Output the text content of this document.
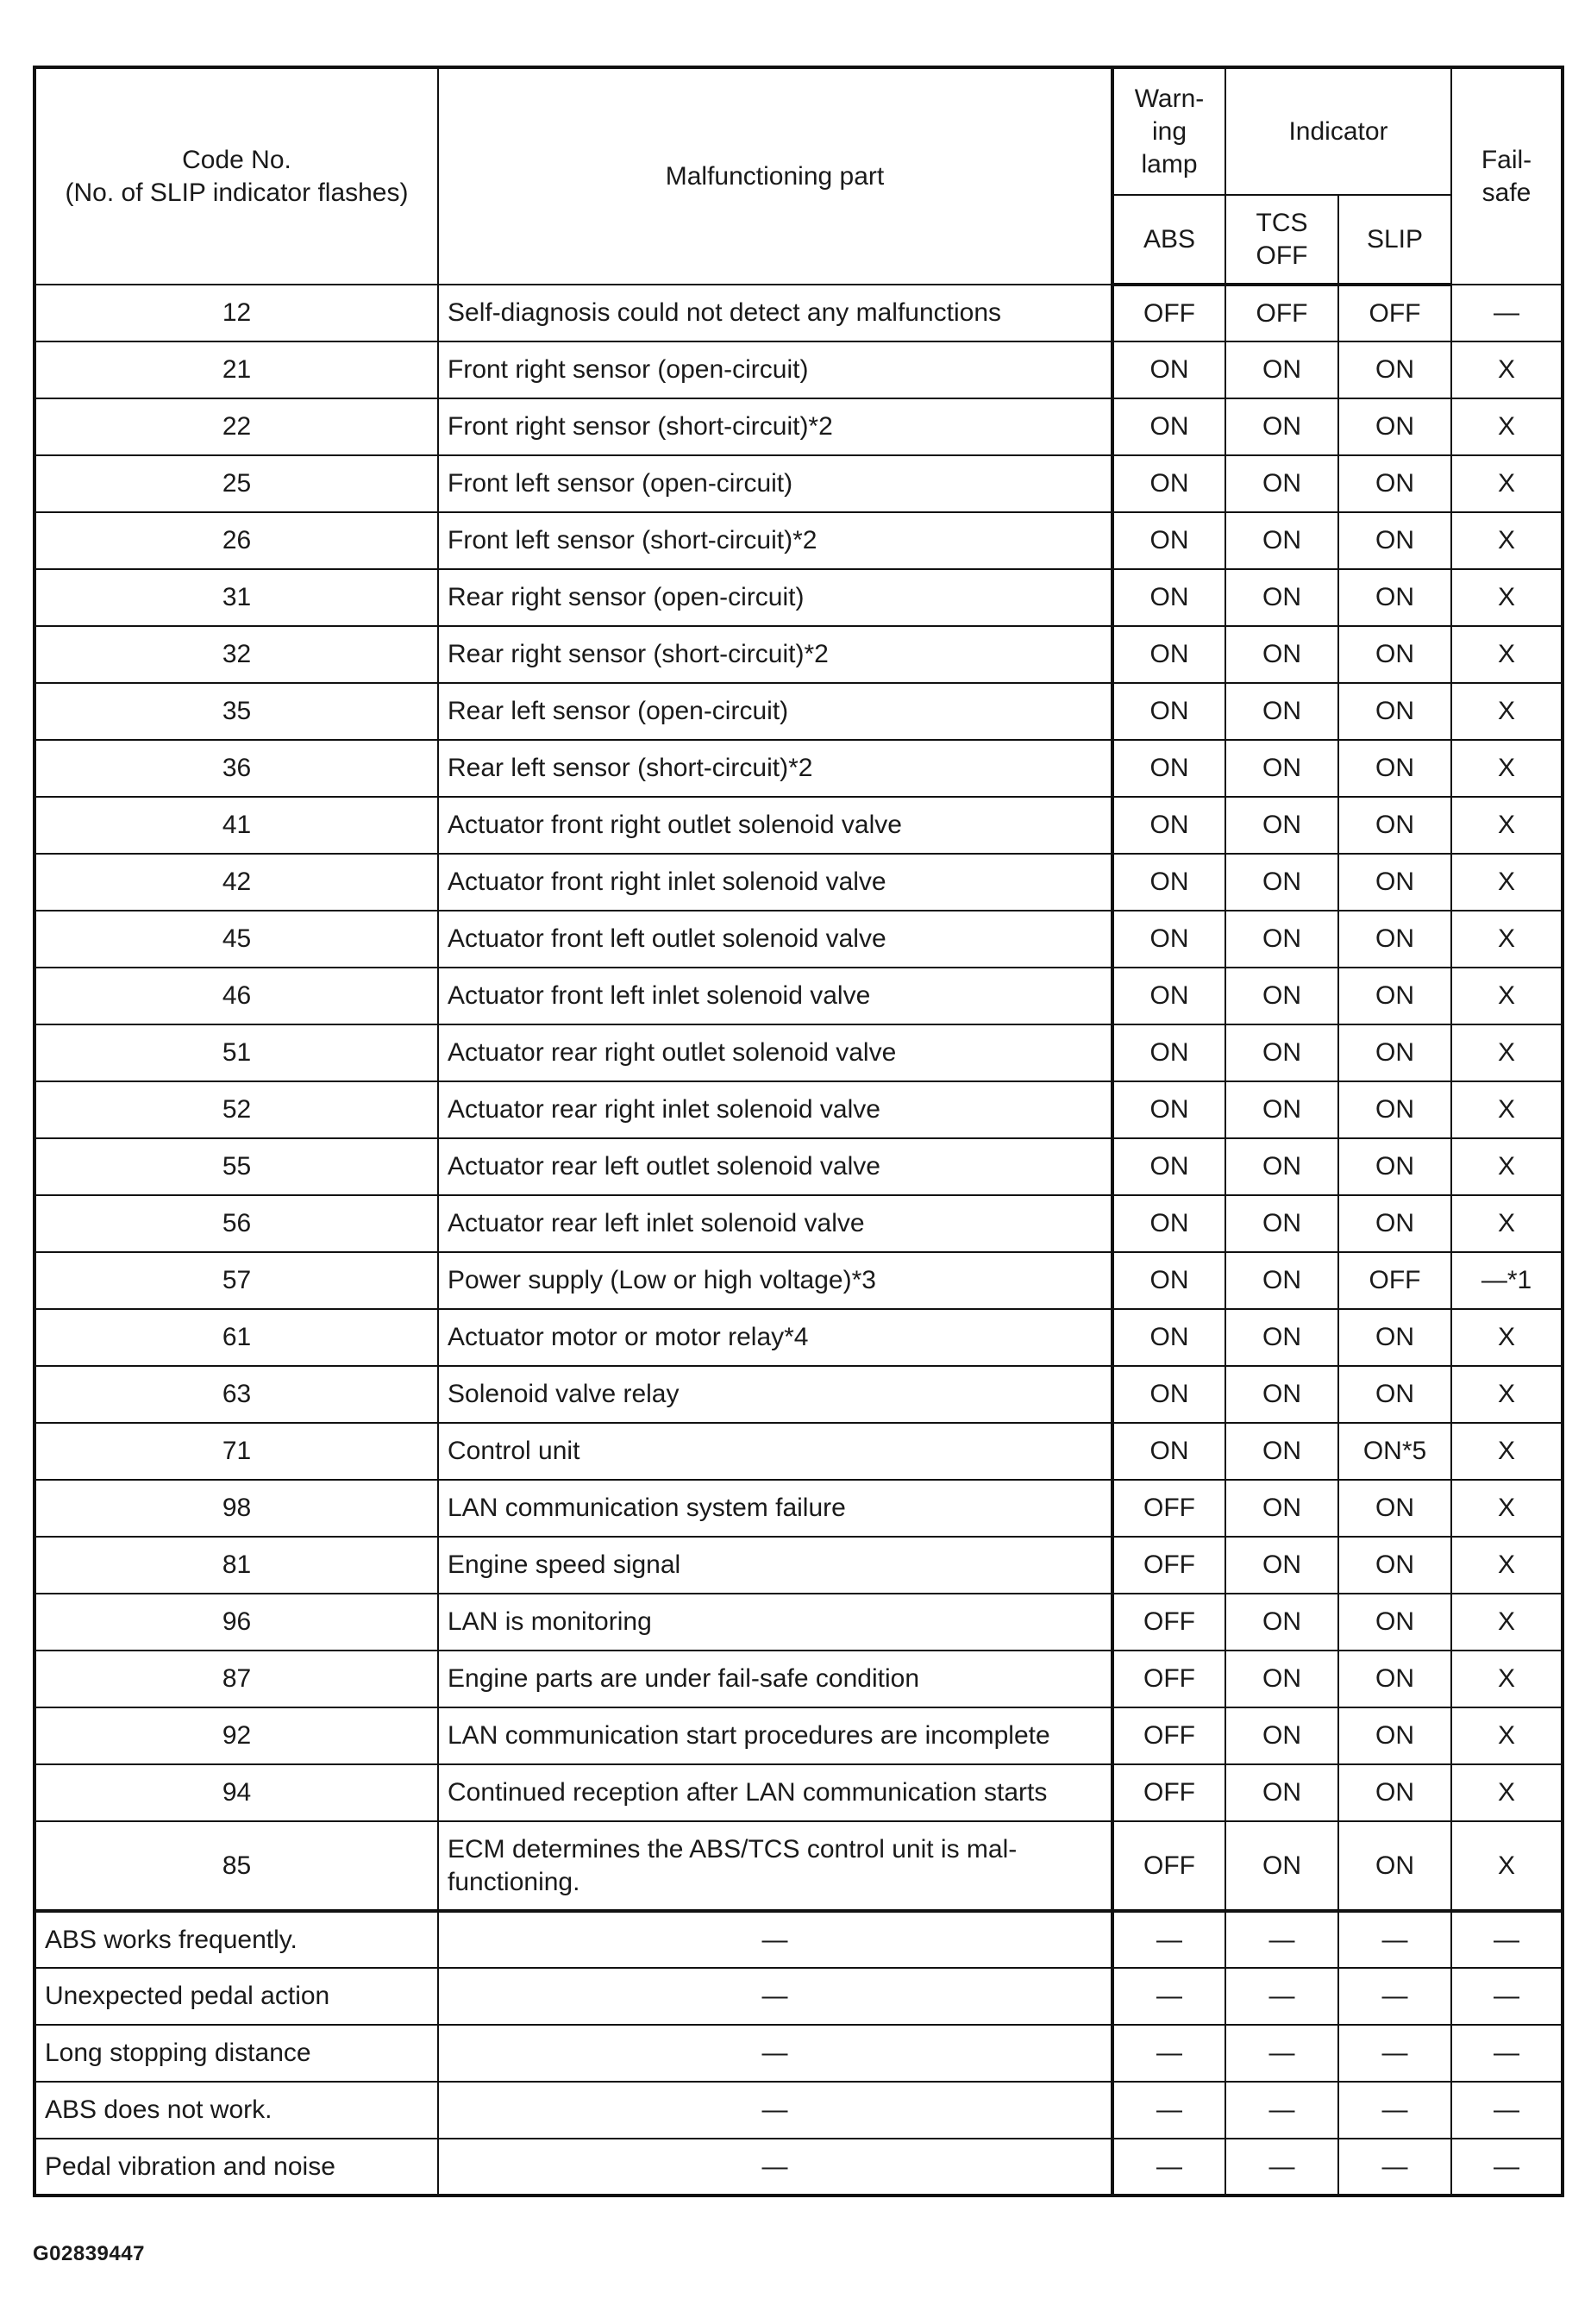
Code No.
(No. of SLIP indicator flashes)	Malfunctioning part	Warn-
ing
lamp	Indicator		Fail-
safe

		ABS	TCS
OFF	SLIP	
12	Self-diagnosis could not detect any malfunctions	OFF	OFF	OFF	—
21	Front right sensor (open-circuit)	ON	ON	ON	X
22	Front right sensor (short-circuit)*2	ON	ON	ON	X
25	Front left sensor (open-circuit)	ON	ON	ON	X
26	Front left sensor (short-circuit)*2	ON	ON	ON	X
31	Rear right sensor (open-circuit)	ON	ON	ON	X
32	Rear right sensor (short-circuit)*2	ON	ON	ON	X
35	Rear left sensor (open-circuit)	ON	ON	ON	X
36	Rear left sensor (short-circuit)*2	ON	ON	ON	X
41	Actuator front right outlet solenoid valve	ON	ON	ON	X
42	Actuator front right inlet solenoid valve	ON	ON	ON	X
45	Actuator front left outlet solenoid valve	ON	ON	ON	X
46	Actuator front left inlet solenoid valve	ON	ON	ON	X
51	Actuator rear right outlet solenoid valve	ON	ON	ON	X
52	Actuator rear right inlet solenoid valve	ON	ON	ON	X
55	Actuator rear left outlet solenoid valve	ON	ON	ON	X
56	Actuator rear left inlet solenoid valve	ON	ON	ON	X
57	Power supply (Low or high voltage)*3	ON	ON	OFF	—*1
61	Actuator motor or motor relay*4	ON	ON	ON	X
63	Solenoid valve relay	ON	ON	ON	X
71	Control unit	ON	ON	ON*5	X
98	LAN communication system failure	OFF	ON	ON	X
81	Engine speed signal	OFF	ON	ON	X
96	LAN is monitoring	OFF	ON	ON	X
87	Engine parts are under fail-safe condition	OFF	ON	ON	X
92	LAN communication start procedures are incomplete	OFF	ON	ON	X
94	Continued reception after LAN communication starts	OFF	ON	ON	X
85	ECM determines the ABS/TCS control unit is mal-
functioning.	OFF	ON	ON	X
ABS works frequently.	—	—	—	—	—
Unexpected pedal action	—	—	—	—	—
Long stopping distance	—	—	—	—	—
ABS does not work.	—	—	—	—	—
Pedal vibration and noise	—	—	—	—	—
G02839447
